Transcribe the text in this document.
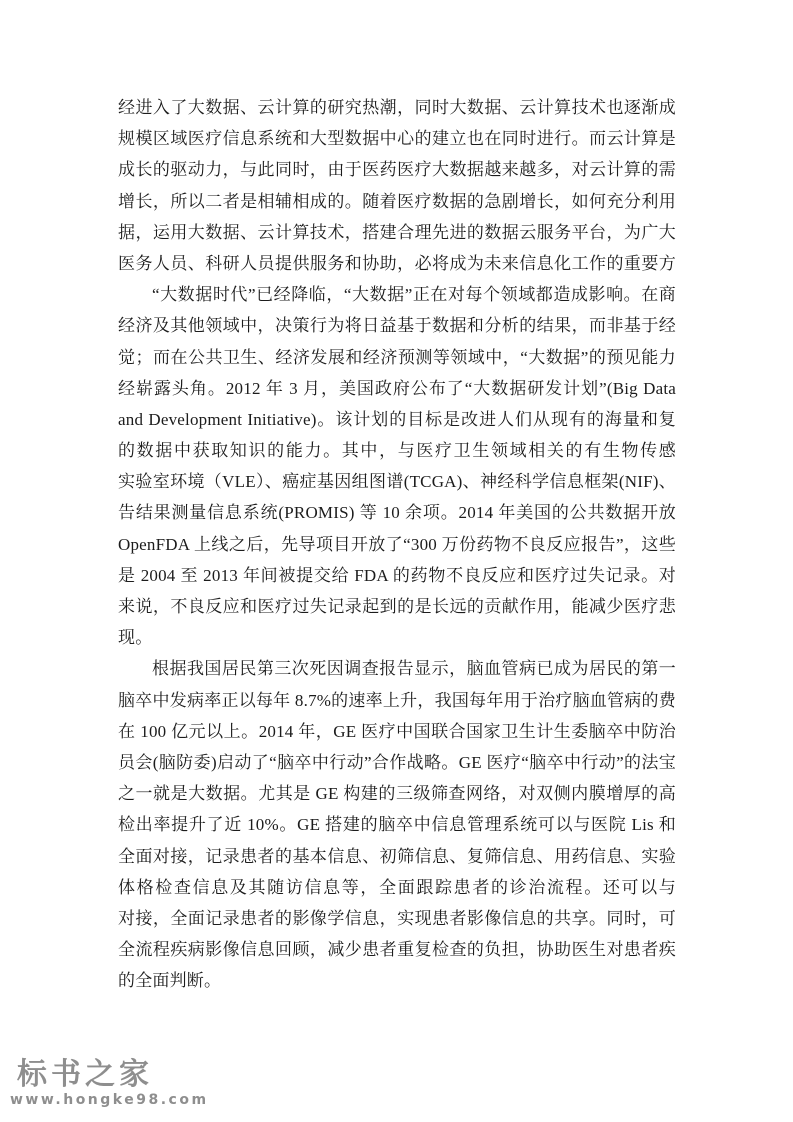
经进入了大数据、云计算的研究热潮，同时大数据、云计算技术也逐渐成
规模区域医疗信息系统和大型数据中心的建立也在同时进行。而云计算是
成长的驱动力，与此同时，由于医药医疗大数据越来越多，对云计算的需
增长，所以二者是相辅相成的。随着医疗数据的急剧增长，如何充分利用
据，运用大数据、云计算技术，搭建合理先进的数据云服务平台，为广大
医务人员、科研人员提供服务和协助，必将成为未来信息化工作的重要方
“大数据时代”已经降临，“大数据”正在对每个领域都造成影响。在商
经济及其他领域中，决策行为将日益基于数据和分析的结果，而非基于经
觉；而在公共卫生、经济发展和经济预测等领域中，“大数据”的预见能力
经崭露头角。2012 年 3 月，美国政府公布了“大数据研发计划”(Big Data
and Development Initiative)。该计划的目标是改进人们从现有的海量和复
的数据中获取知识的能力。其中，与医疗卫生领域相关的有生物传感
实验室环境（VLE）、癌症基因组图谱(TCGA)、神经科学信息框架(NIF)、
告结果测量信息系统(PROMIS) 等 10 余项。2014 年美国的公共数据开放
OpenFDA 上线之后，先导项目开放了“300 万份药物不良反应报告”，这些
是 2004 至 2013 年间被提交给 FDA 的药物不良反应和医疗过失记录。对
来说，不良反应和医疗过失记录起到的是长远的贡献作用，能减少医疗悲
现。
根据我国居民第三次死因调查报告显示，脑血管病已成为居民的第一
脑卒中发病率正以每年 8.7%的速率上升，我国每年用于治疗脑血管病的费
在 100 亿元以上。2014 年，GE 医疗中国联合国家卫生计生委脑卒中防治
员会(脑防委)启动了“脑卒中行动”合作战略。GE 医疗“脑卒中行动”的法宝
之一就是大数据。尤其是 GE 构建的三级筛查网络，对双侧内膜增厚的高
检出率提升了近 10%。GE 搭建的脑卒中信息管理系统可以与医院 Lis 和
全面对接，记录患者的基本信息、初筛信息、复筛信息、用药信息、实验
体格检查信息及其随访信息等，全面跟踪患者的诊治流程。还可以与
对接，全面记录患者的影像学信息，实现患者影像信息的共享。同时，可
全流程疾病影像信息回顾，减少患者重复检查的负担，协助医生对患者疾
的全面判断。
标书之家
www.hongke98.com
